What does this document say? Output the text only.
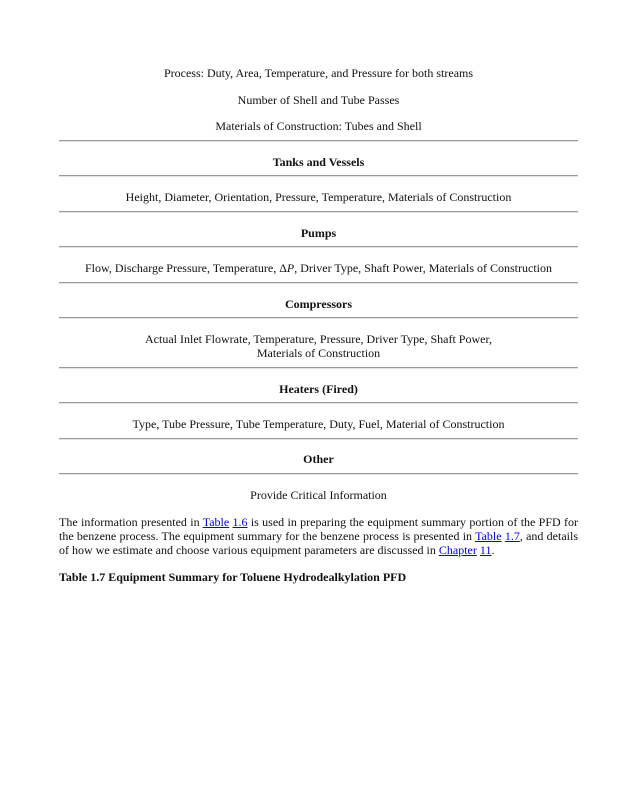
Process: Duty, Area, Temperature, and Pressure for both streams
Number of Shell and Tube Passes
Materials of Construction: Tubes and Shell
Tanks and Vessels
Height, Diameter, Orientation, Pressure, Temperature, Materials of Construction
Pumps
Flow, Discharge Pressure, Temperature, ΔP, Driver Type, Shaft Power, Materials of Construction
Compressors
Actual Inlet Flowrate, Temperature, Pressure, Driver Type, Shaft Power,
Materials of Construction
Heaters (Fired)
Type, Tube Pressure, Tube Temperature, Duty, Fuel, Material of Construction
Other
Provide Critical Information
The information presented in Table 1.6 is used in preparing the equipment summary portion of the PFD for the benzene process. The equipment summary for the benzene process is presented in Table 1.7, and details of how we estimate and choose various equipment parameters are discussed in Chapter 11.
Table 1.7 Equipment Summary for Toluene Hydrodealkylation PFD
